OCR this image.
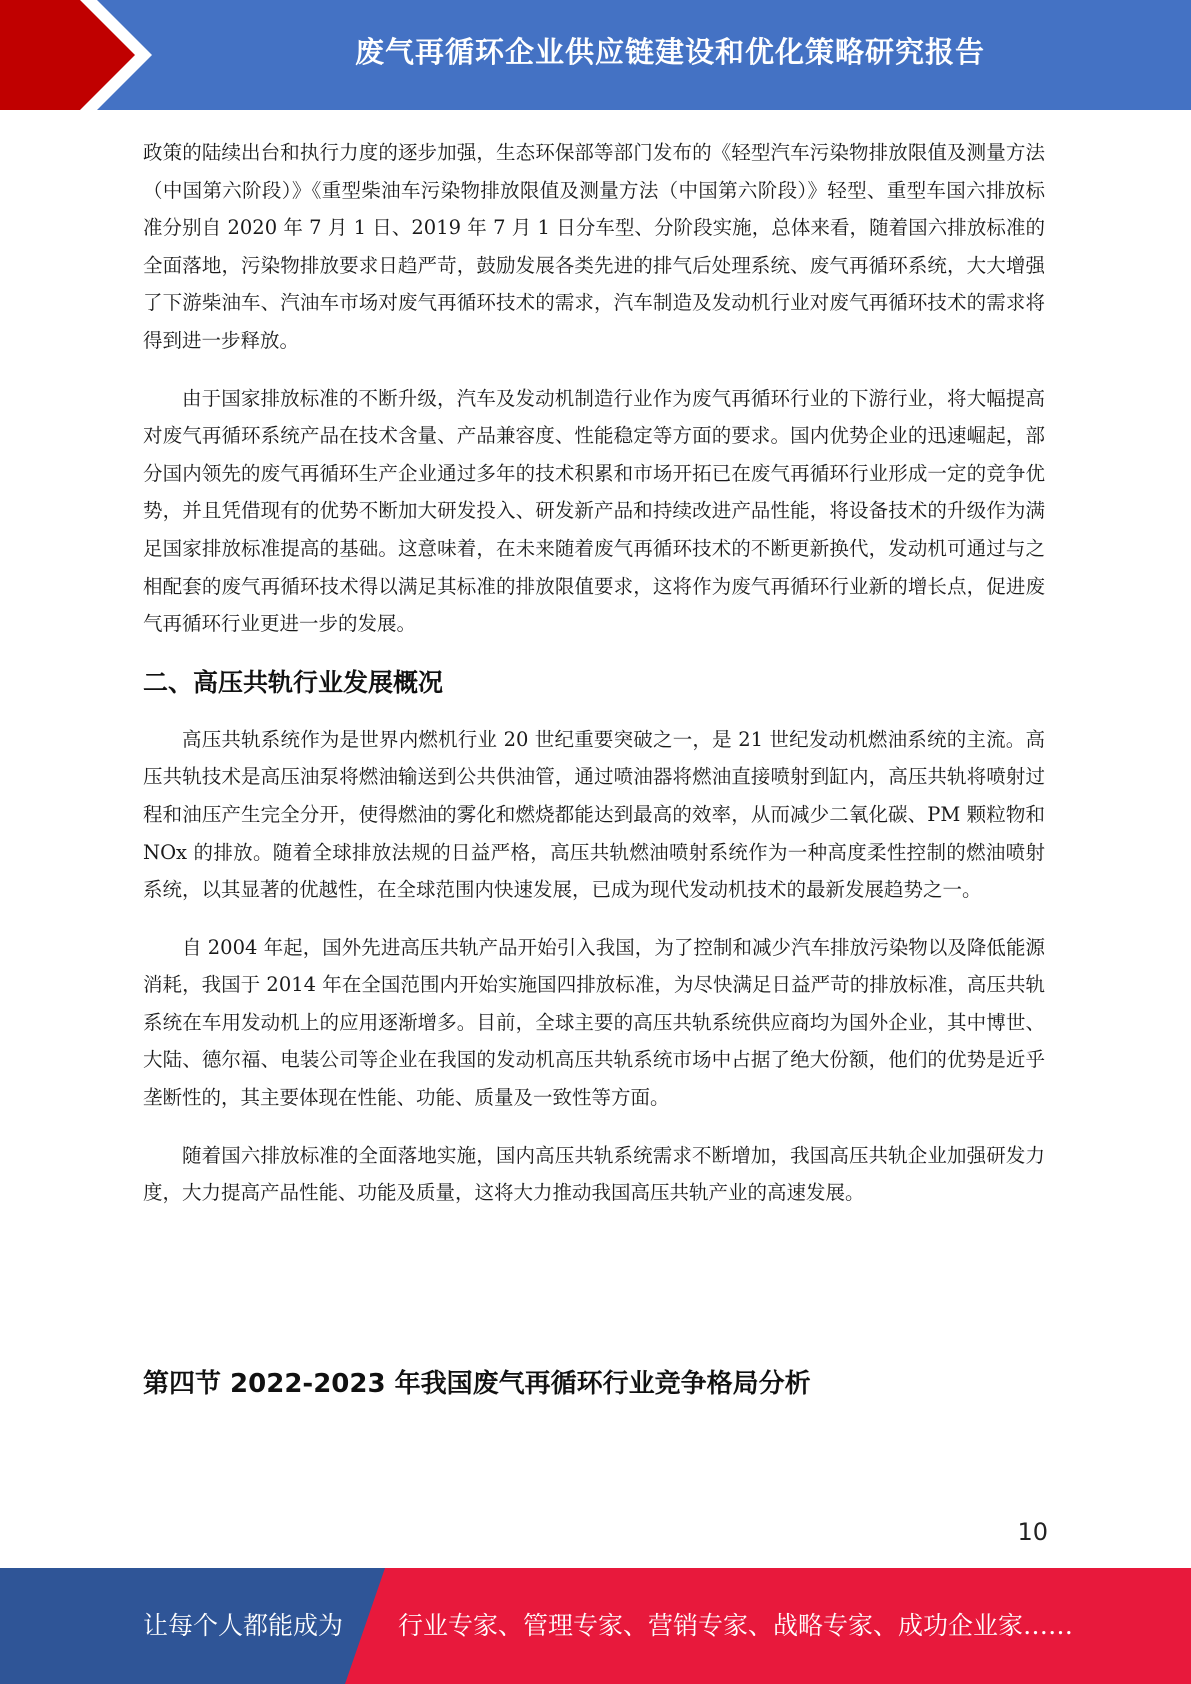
废气再循环企业供应链建设和优化策略研究报告

政策的陆续出台和执行力度的逐步加强，生态环保部等部门发布的《轻型汽车污染物排放限值及测量方法（中国第六阶段）》《重型柴油车污染物排放限值及测量方法（中国第六阶段）》轻型、重型车国六排放标准分别自 2020 年 7 月 1 日、2019 年 7 月 1 日分车型、分阶段实施，总体来看，随着国六排放标准的全面落地，污染物排放要求日趋严苛，鼓励发展各类先进的排气后处理系统、废气再循环系统，大大增强了下游柴油车、汽油车市场对废气再循环技术的需求，汽车制造及发动机行业对废气再循环技术的需求将得到进一步释放。

由于国家排放标准的不断升级，汽车及发动机制造行业作为废气再循环行业的下游行业，将大幅提高对废气再循环系统产品在技术含量、产品兼容度、性能稳定等方面的要求。国内优势企业的迅速崛起，部分国内领先的废气再循环生产企业通过多年的技术积累和市场开拓已在废气再循环行业形成一定的竞争优势，并且凭借现有的优势不断加大研发投入、研发新产品和持续改进产品性能，将设备技术的升级作为满足国家排放标准提高的基础。这意味着，在未来随着废气再循环技术的不断更新换代，发动机可通过与之相配套的废气再循环技术得以满足其标准的排放限值要求，这将作为废气再循环行业新的增长点，促进废气再循环行业更进一步的发展。

二、高压共轨行业发展概况

高压共轨系统作为是世界内燃机行业 20 世纪重要突破之一，是 21 世纪发动机燃油系统的主流。高压共轨技术是高压油泵将燃油输送到公共供油管，通过喷油器将燃油直接喷射到缸内，高压共轨将喷射过程和油压产生完全分开，使得燃油的雾化和燃烧都能达到最高的效率，从而减少二氧化碳、PM 颗粒物和 NOx 的排放。随着全球排放法规的日益严格，高压共轨燃油喷射系统作为一种高度柔性控制的燃油喷射系统，以其显著的优越性，在全球范围内快速发展，已成为现代发动机技术的最新发展趋势之一。

自 2004 年起，国外先进高压共轨产品开始引入我国，为了控制和减少汽车排放污染物以及降低能源消耗，我国于 2014 年在全国范围内开始实施国四排放标准，为尽快满足日益严苛的排放标准，高压共轨系统在车用发动机上的应用逐渐增多。目前，全球主要的高压共轨系统供应商均为国外企业，其中博世、大陆、德尔福、电装公司等企业在我国的发动机高压共轨系统市场中占据了绝大份额，他们的优势是近乎垄断性的，其主要体现在性能、功能、质量及一致性等方面。

随着国六排放标准的全面落地实施，国内高压共轨系统需求不断增加，我国高压共轨企业加强研发力度，大力提高产品性能、功能及质量，这将大力推动我国高压共轨产业的高速发展。

第四节 2022-2023 年我国废气再循环行业竞争格局分析
10
让每个人都能成为 行业专家、管理专家、营销专家、战略专家、成功企业家……
